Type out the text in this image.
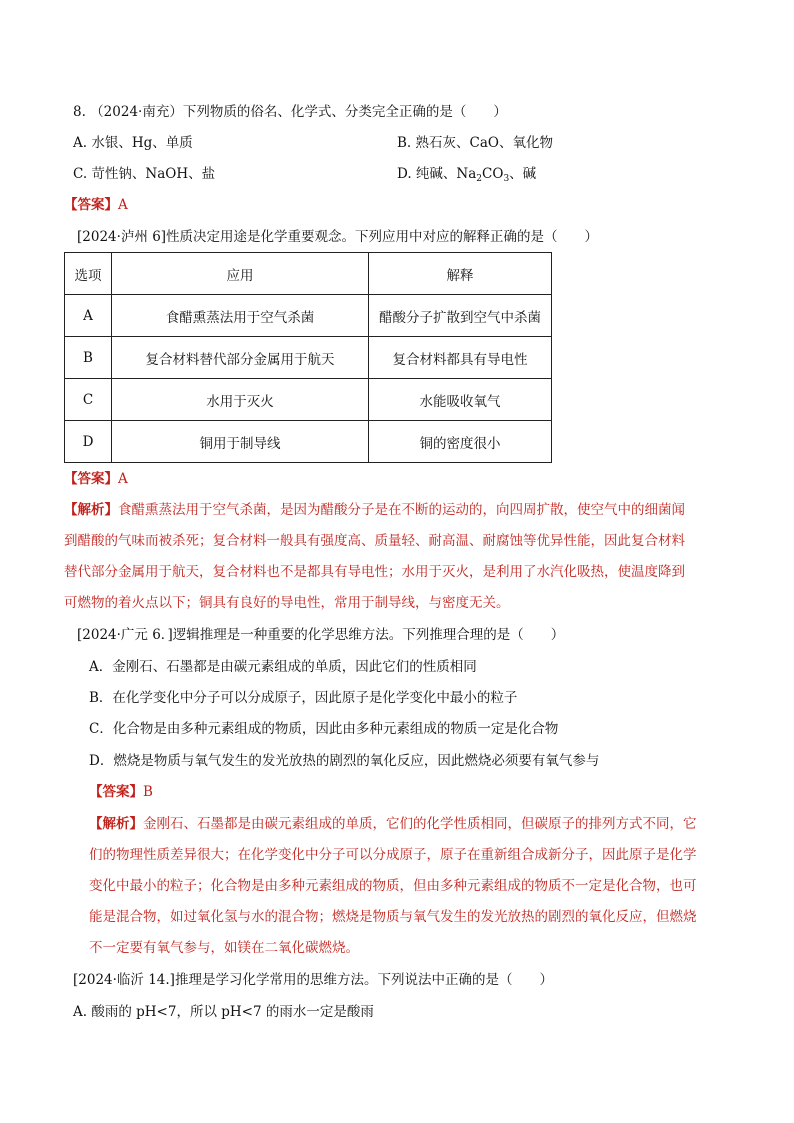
8. （2024·南充）下列物质的俗名、化学式、分类完全正确的是（　　）
A. 水银、Hg、单质	B. 熟石灰、CaO、氧化物
C. 苛性钠、NaOH、盐	D. 纯碱、$Na_2CO_3$、碱
【答案】A
[2024·泸州 6]性质决定用途是化学重要观念。下列应用中对应的解释正确的是（　　）
选项	应用	解释
A	食醋熏蒸法用于空气杀菌	醋酸分子扩散到空气中杀菌
B	复合材料替代部分金属用于航天	复合材料都具有导电性
C	水用于灭火	水能吸收氧气
D	铜用于制导线	铜的密度很小
【答案】A
【解析】食醋熏蒸法用于空气杀菌，是因为醋酸分子是在不断的运动的，向四周扩散，使空气中的细菌闻
到醋酸的气味而被杀死；复合材料一般具有强度高、质量轻、耐高温、耐腐蚀等优异性能，因此复合材料
替代部分金属用于航天，复合材料也不是都具有导电性；水用于灭火，是利用了水汽化吸热，使温度降到
可燃物的着火点以下；铜具有良好的导电性，常用于制导线，与密度无关。
[2024·广元 6．]逻辑推理是一种重要的化学思维方法。下列推理合理的是（　　）
A．金刚石、石墨都是由碳元素组成的单质，因此它们的性质相同
B．在化学变化中分子可以分成原子，因此原子是化学变化中最小的粒子
C．化合物是由多种元素组成的物质，因此由多种元素组成的物质一定是化合物
D．燃烧是物质与氧气发生的发光放热的剧烈的氧化反应，因此燃烧必须要有氧气参与
【答案】B
【解析】金刚石、石墨都是由碳元素组成的单质，它们的化学性质相同，但碳原子的排列方式不同，它
们的物理性质差异很大；在化学变化中分子可以分成原子，原子在重新组合成新分子，因此原子是化学
变化中最小的粒子；化合物是由多种元素组成的物质，但由多种元素组成的物质不一定是化合物，也可
能是混合物，如过氧化氢与水的混合物；燃烧是物质与氧气发生的发光放热的剧烈的氧化反应，但燃烧
不一定要有氧气参与，如镁在二氧化碳燃烧。
[2024·临沂 14.]推理是学习化学常用的思维方法。下列说法中正确的是（　　）
A. 酸雨的 pH<7，所以 pH<7 的雨水一定是酸雨
